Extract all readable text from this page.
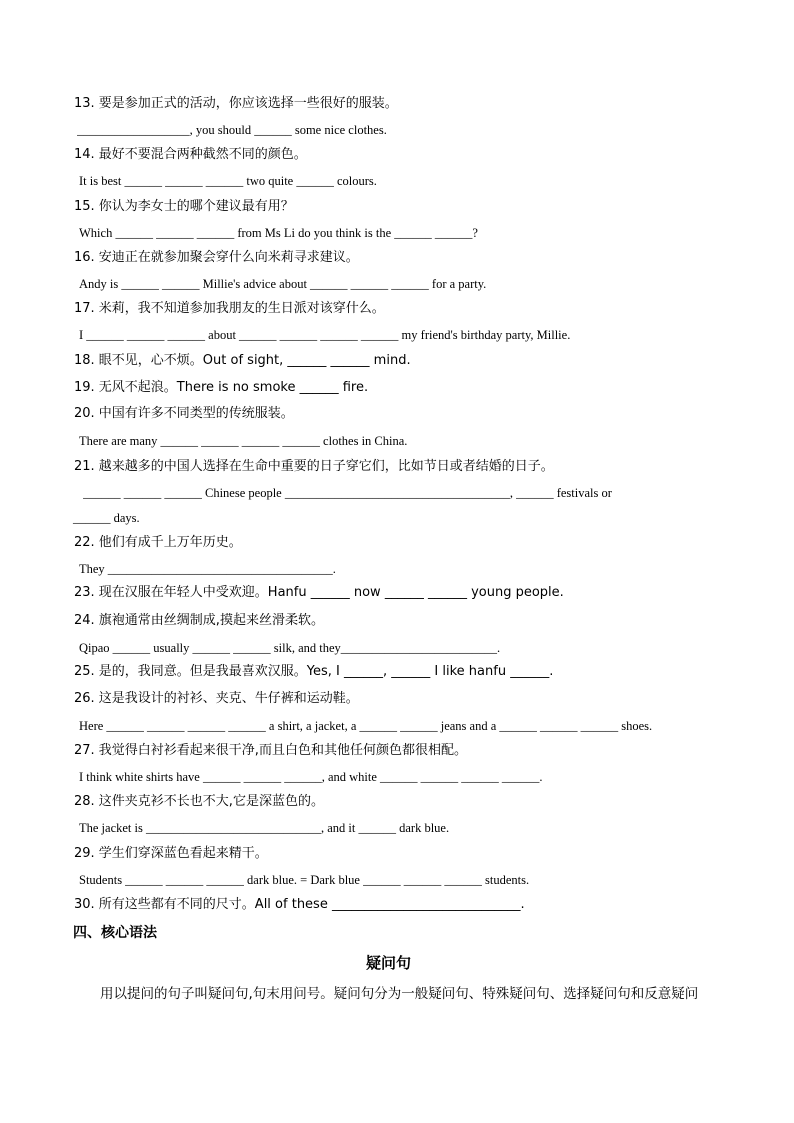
13. 要是参加正式的活动，你应该选择一些很好的服装。
__________________, you should ______ some nice clothes.
14. 最好不要混合两种截然不同的颜色。
It is best ______ ______ ______ two quite ______ colours.
15. 你认为李女士的哪个建议最有用？
Which ______ ______ ______ from Ms Li do you think is the ______ ______?
16. 安迪正在就参加聚会穿什么向米莉寻求建议。
Andy is ______ ______ Millie's advice about ______ ______ ______ for a party.
17. 米莉，我不知道参加我朋友的生日派对该穿什么。
I ______ ______ ______ about ______ ______ ______ ______ my friend's birthday party, Millie.
18. 眼不见，心不烦。Out of sight, ______ ______ mind.
19. 无风不起浪。There is no smoke ______ fire.
20. 中国有许多不同类型的传统服装。
There are many ______ ______ ______ ______ clothes in China.
21. 越来越多的中国人选择在生命中重要的日子穿它们，比如节日或者结婚的日子。
______ ______ ______ Chinese people ____________________________________, ______ festivals or
______ days.
22. 他们有成千上万年历史。
They ____________________________________.
23. 现在汉服在年轻人中受欢迎。Hanfu ______ now ______ ______ young people.
24. 旗袍通常由丝绸制成,摸起来丝滑柔软。
Qipao ______ usually ______ ______ silk, and they_________________________.
25. 是的，我同意。但是我最喜欢汉服。Yes, I ______, ______ I like hanfu ______.
26. 这是我设计的衬衫、夹克、牛仔裤和运动鞋。
Here ______ ______ ______ ______ a shirt, a jacket, a ______ ______ jeans and a ______ ______ ______ shoes.
27. 我觉得白衬衫看起来很干净,而且白色和其他任何颜色都很相配。
I think white shirts have ______ ______ ______, and white ______ ______ ______ ______.
28. 这件夹克衫不长也不大,它是深蓝色的。
The jacket is ____________________________, and it ______ dark blue.
29. 学生们穿深蓝色看起来精干。
Students ______ ______ ______ dark blue. = Dark blue ______ ______ ______ students.
30. 所有这些都有不同的尺寸。All of these _____________________________.
四、核心语法
疑问句
用以提问的句子叫疑问句,句末用问号。疑问句分为一般疑问句、特殊疑问句、选择疑问句和反意疑问
